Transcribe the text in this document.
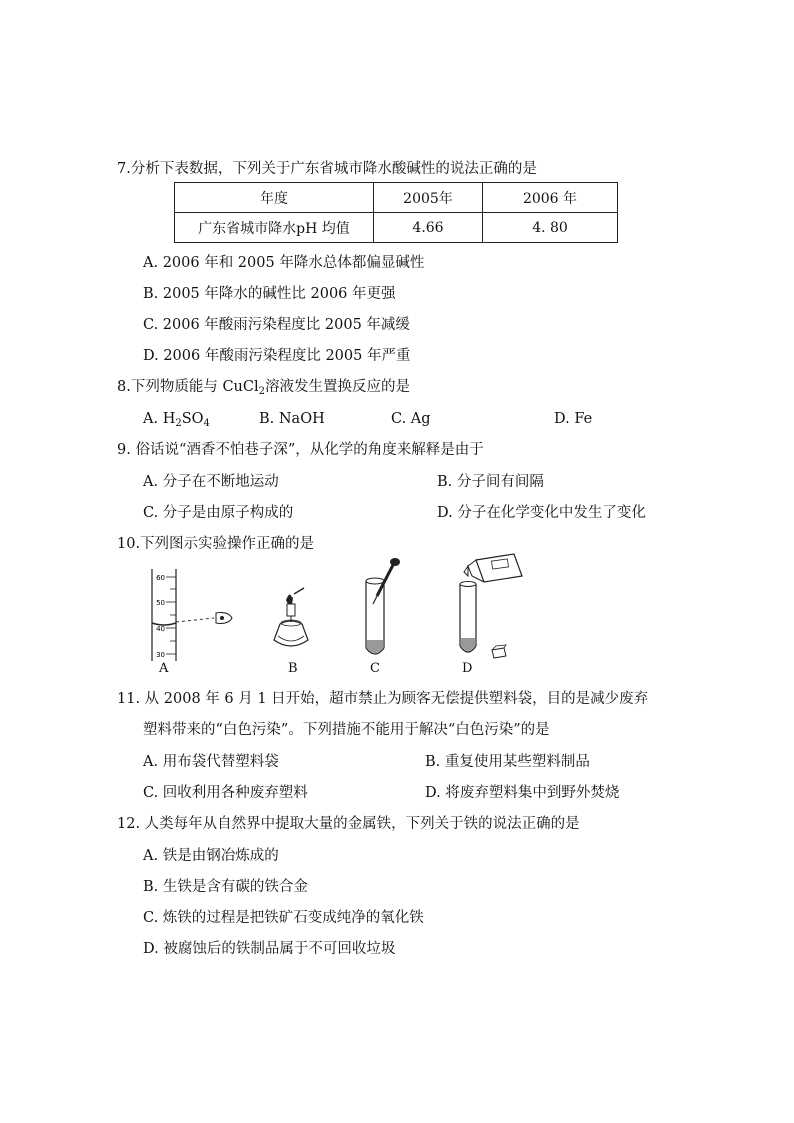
7.分析下表数据，下列关于广东省城市降水酸碱性的说法正确的是
年度	2005年	2006 年
广东省城市降水pH 均值	4.66	4. 80
A. 2006 年和 2005 年降水总体都偏显碱性
B. 2005 年降水的碱性比 2006 年更强
C. 2006 年酸雨污染程度比 2005 年减缓
D. 2006 年酸雨污染程度比 2005 年严重
8.下列物质能与 CuCl$_2$溶液发生置换反应的是
A. $H_2SO_4$	B. NaOH	C. Ag	D. Fe
9. 俗话说“酒香不怕巷子深”，从化学的角度来解释是由于
A. 分子在不断地运动	B. 分子间有间隔
C. 分子是由原子构成的	D. 分子在化学变化中发生了变化
10.下列图示实验操作正确的是
60
50
40
30
A	B	C	D
11. 从 2008 年 6 月 1 日开始，超市禁止为顾客无偿提供塑料袋，目的是减少废弃
塑料带来的“白色污染”。下列措施不能用于解决“白色污染”的是
A. 用布袋代替塑料袋	B. 重复使用某些塑料制品
C. 回收利用各种废弃塑料	D. 将废弃塑料集中到野外焚烧
12. 人类每年从自然界中提取大量的金属铁，下列关于铁的说法正确的是
A. 铁是由钢冶炼成的
B. 生铁是含有碳的铁合金
C. 炼铁的过程是把铁矿石变成纯净的氧化铁
D. 被腐蚀后的铁制品属于不可回收垃圾
